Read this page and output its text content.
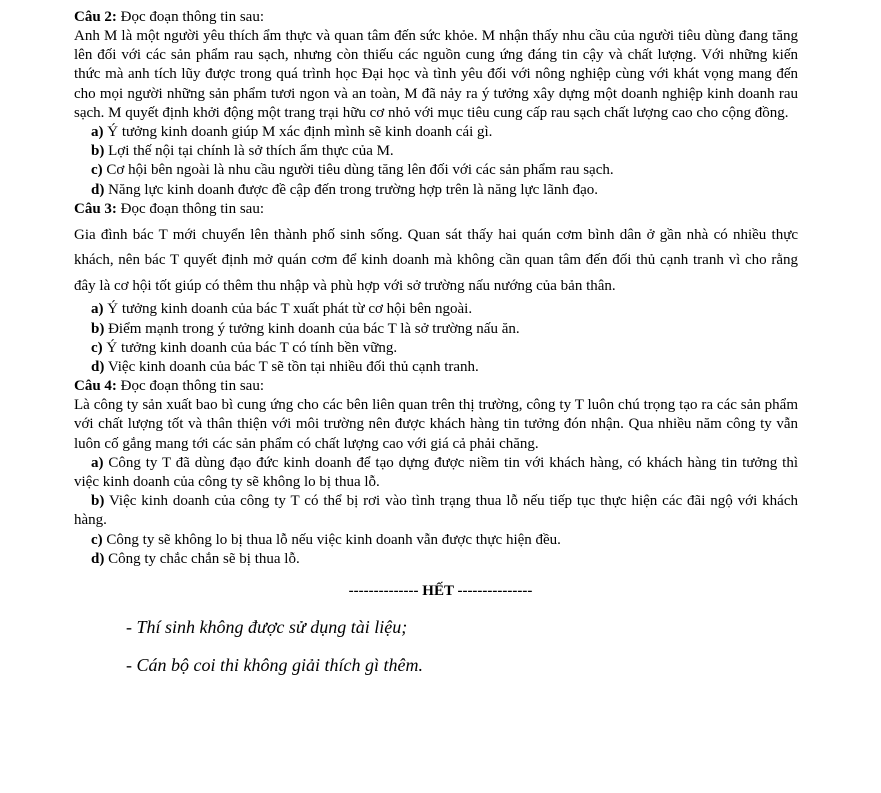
Câu 2: Đọc đoạn thông tin sau:

Anh M là một người yêu thích ẩm thực và quan tâm đến sức khỏe. M nhận thấy nhu cầu của người tiêu dùng đang tăng lên đối với các sản phẩm rau sạch, nhưng còn thiếu các nguồn cung ứng đáng tin cậy và chất lượng. Với những kiến thức mà anh tích lũy được trong quá trình học Đại học và tình yêu đối với nông nghiệp cùng với khát vọng mang đến cho mọi người những sản phẩm tươi ngon và an toàn, M đã nảy ra ý tưởng xây dựng một doanh nghiệp kinh doanh rau sạch. M quyết định khởi động một trang trại hữu cơ nhỏ với mục tiêu cung cấp rau sạch chất lượng cao cho cộng đồng.

a) Ý tưởng kinh doanh giúp M xác định mình sẽ kinh doanh cái gì.

b) Lợi thế nội tại chính là sở thích ẩm thực của M.

c) Cơ hội bên ngoài là nhu cầu người tiêu dùng tăng lên đối với các sản phẩm rau sạch.

d) Năng lực kinh doanh được đề cập đến trong trường hợp trên là năng lực lãnh đạo.

Câu 3: Đọc đoạn thông tin sau:

Gia đình bác T mới chuyển lên thành phố sinh sống. Quan sát thấy hai quán cơm bình dân ở gần nhà có nhiều thực khách, nên bác T quyết định mở quán cơm để kinh doanh mà không cần quan tâm đến đối thủ cạnh tranh vì cho rằng đây là cơ hội tốt giúp có thêm thu nhập và phù hợp với sở trường nấu nướng của bản thân.

a) Ý tưởng kinh doanh của bác T xuất phát từ cơ hội bên ngoài.

b) Điểm mạnh trong ý tưởng kinh doanh của bác T là sở trường nấu ăn.

c) Ý tưởng kinh doanh của bác T có tính bền vững.

d) Việc kinh doanh của bác T sẽ tồn tại nhiều đối thủ cạnh tranh.

Câu 4: Đọc đoạn thông tin sau:

Là công ty sản xuất bao bì cung ứng cho các bên liên quan trên thị trường, công ty T luôn chú trọng tạo ra các sản phẩm với chất lượng tốt và thân thiện với môi trường nên được khách hàng tin tưởng đón nhận. Qua nhiều năm công ty vẫn luôn cố gắng mang tới các sản phẩm có chất lượng cao với giá cả phải chăng.

a) Công ty T đã dùng đạo đức kinh doanh để tạo dựng được niềm tin với khách hàng, có khách hàng tin tưởng thì việc kinh doanh của công ty sẽ không lo bị thua lỗ.

b) Việc kinh doanh của công ty T có thể bị rơi vào tình trạng thua lỗ nếu tiếp tục thực hiện các đãi ngộ với khách hàng.

c) Công ty sẽ không lo bị thua lỗ nếu việc kinh doanh vẫn được thực hiện đều.

d) Công ty chắc chắn sẽ bị thua lỗ.

-------------- HẾT ---------------

- Thí sinh không được sử dụng tài liệu;

- Cán bộ coi thi không giải thích gì thêm.
